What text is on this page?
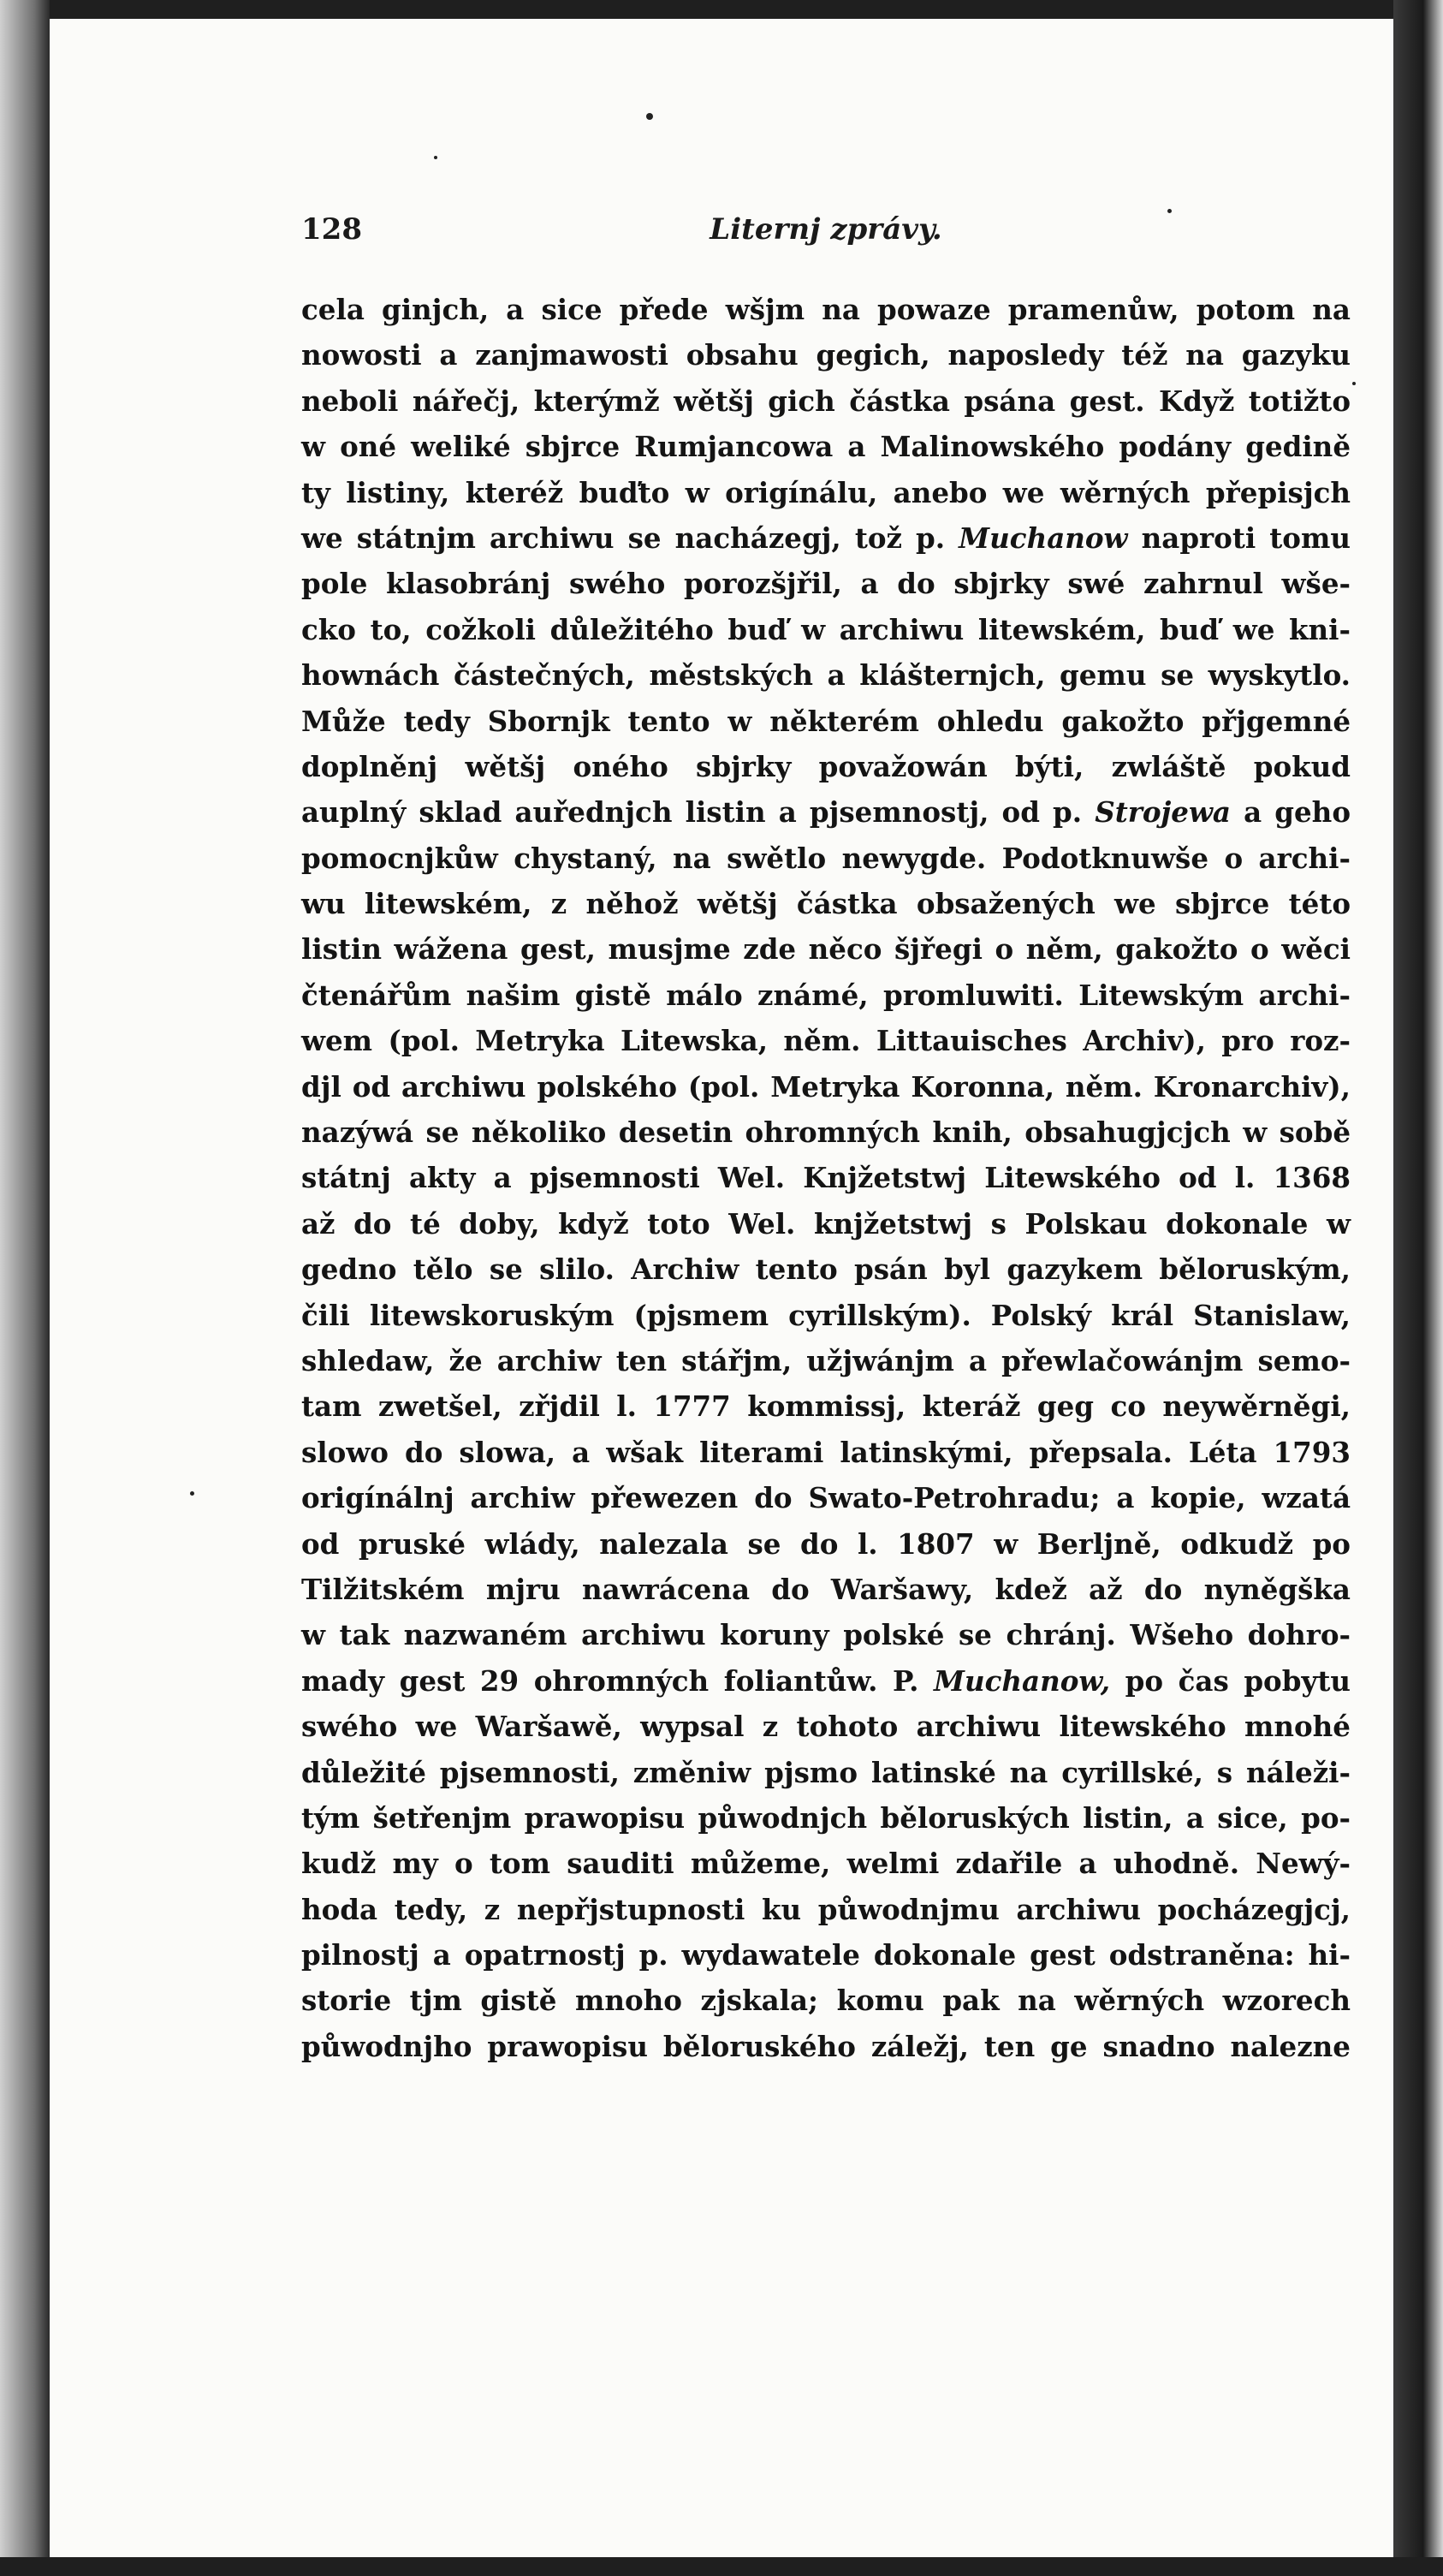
128	Liternj zprávy.
cela ginjch, a sice přede wšjm na powaze pramenůw, potom na
nowosti a zanjmawosti obsahu gegich, naposledy též na gazyku
neboli nářečj, kterýmž wětšj gich částka psána gest. Když totižto
w oné weliké sbjrce Rumjancowa a Malinowského podány gedině
ty listiny, kteréž buďto w origínálu, anebo we wěrných přepisjch
we státnjm archiwu se nacházegj, tož p. Muchanow naproti tomu
pole klasobránj swého porozšjřil, a do sbjrky swé zahrnul wše-
cko to, cožkoli důležitého buď w archiwu litewském, buď we kni-
hownách částečných, městských a klášternjch, gemu se wyskytlo.
Může tedy Sbornjk tento w některém ohledu gakožto přjgemné
doplněnj wětšj oného sbjrky považowán býti, zwláště pokud
auplný sklad auřednjch listin a pjsemnostj, od p. Strojewa a geho
pomocnjkůw chystaný, na swětlo newygde. Podotknuwše o archi-
wu litewském, z něhož wětšj částka obsažených we sbjrce této
listin wážena gest, musjme zde něco šjřegi o něm, gakožto o wěci
čtenářům našim gistě málo známé, promluwiti. Litewským archi-
wem (pol. Metryka Litewska, něm. Littauisches Archiv), pro roz-
djl od archiwu polského (pol. Metryka Koronna, něm. Kronarchiv),
nazýwá se několiko desetin ohromných knih, obsahugjcjch w sobě
státnj akty a pjsemnosti Wel. Knjžetstwj Litewského od l. 1368
až do té doby, když toto Wel. knjžetstwj s Polskau dokonale w
gedno tělo se slilo. Archiw tento psán byl gazykem běloruským,
čili litewskoruským (pjsmem cyrillským). Polský král Stanislaw,
shledaw, že archiw ten stářjm, užjwánjm a přewlačowánjm semo-
tam zwetšel, zřjdil l. 1777 kommissj, kteráž geg co neywěrněgi,
slowo do slowa, a wšak literami latinskými, přepsala. Léta 1793
origínálnj archiw přewezen do Swato-Petrohradu; a kopie, wzatá
od pruské wlády, nalezala se do l. 1807 w Berljně, odkudž po
Tilžitském mjru nawrácena do Waršawy, kdež až do nyněgška
w tak nazwaném archiwu koruny polské se chránj. Wšeho dohro-
mady gest 29 ohromných foliantůw. P. Muchanow, po čas pobytu
swého we Waršawě, wypsal z tohoto archiwu litewského mnohé
důležité pjsemnosti, změniw pjsmo latinské na cyrillské, s náleži-
tým šetřenjm prawopisu půwodnjch běloruských listin, a sice, po-
kudž my o tom sauditi můžeme, welmi zdařile a uhodně. Newý-
hoda tedy, z nepřjstupnosti ku půwodnjmu archiwu pocházegjcj,
pilnostj a opatrnostj p. wydawatele dokonale gest odstraněna: hi-
storie tjm gistě mnoho zjskala; komu pak na wěrných wzorech
půwodnjho prawopisu běloruského záležj, ten ge snadno nalezne
